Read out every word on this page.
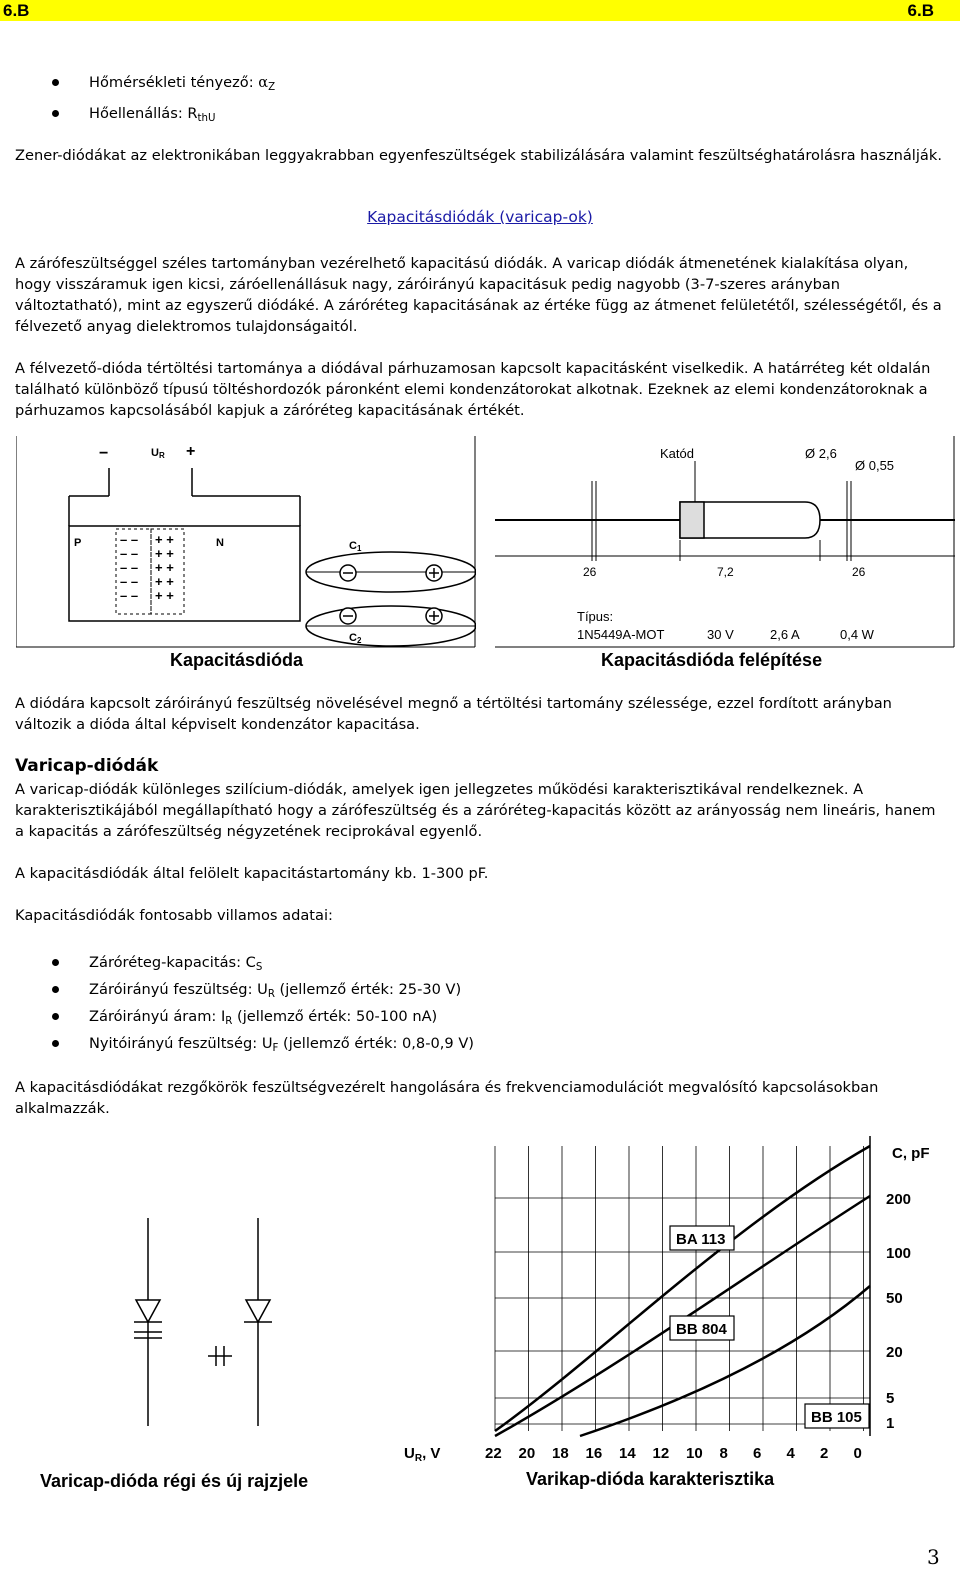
6.B	6.B
Hőmérsékleti tényező: $\alpha_Z$
Hőellenállás: $R_{thU}$
Zener-diódákat az elektronikában leggyakrabban egyenfeszültségek stabilizálására valamint feszültséghatárolásra használják.
Kapacitásdiódák (varicap-ok)
A zárófeszültséggel széles tartományban vezérelhető kapacitású diódák. A varicap diódák átmenetének kialakítása olyan, hogy visszáramuk igen kicsi, záróellenállásuk nagy, záróirányú kapacitásuk pedig nagyobb (3-7-szeres arányban változtatható), mint az egyszerű diódáké. A záróréteg kapacitásának az értéke függ az átmenet felületétől, szélességétől, és a félvezető anyag dielektromos tulajdonságaitól.
A félvezető-dióda tértöltési tartománya a diódával párhuzamosan kapcsolt kapacitásként viselkedik. A határréteg két oldalán található különböző típusú töltéshordozók páronként elemi kondenzátorokat alkotnak. Ezeknek az elemi kondenzátoroknak a párhuzamos kapcsolásából kapjuk a záróréteg kapacitásának értékét.
−	UR +
P	N
– – + +
– – + +
– – + +
– – + +
– – + +
C1
C2
Katód	Ø 2,6
Ø 0,55
26	7,2	26
Típus:
1N5449A-MOT	30 V	2,6 A	0,4 W
Kapacitásdióda	Kapacitásdióda felépítése
A diódára kapcsolt záróirányú feszültség növelésével megnő a tértöltési tartomány szélessége, ezzel fordított arányban változik a dióda által képviselt kondenzátor kapacitása.
Varicap-diódák
A varicap-diódák különleges szilícium-diódák, amelyek igen jellegzetes működési karakterisztikával rendelkeznek. A karakterisztikájából megállapítható hogy a zárófeszültség és a záróréteg-kapacitás között az arányosság nem lineáris, hanem a kapacitás a zárófeszültség négyzetének reciprokával egyenlő.
A kapacitásdiódák által felölelt kapacitástartomány kb. 1-300 pF.
Kapacitásdiódák fontosabb villamos adatai:
Záróréteg-kapacitás: $C_S$
Záróirányú feszültség: $U_R$ (jellemző érték: 25-30 V)
Záróirányú áram: $I_R$ (jellemző érték: 50-100 nA)
Nyitóirányú feszültség: $U_F$ (jellemző érték: 0,8-0,9 V)
A kapacitásdiódákat rezgőkörök feszültségvezérelt hangolására és frekvenciamodulációt megvalósító kapcsolásokban alkalmazzák.
Varicap-dióda régi és új rajzjele
22 20 18 16 14 12 10 8 6 4 2 0
200
100
50
20
5
1
BA 113
BB 804
BB 105
C, pF
$U_R$, V
Varikap-dióda karakterisztika
3
